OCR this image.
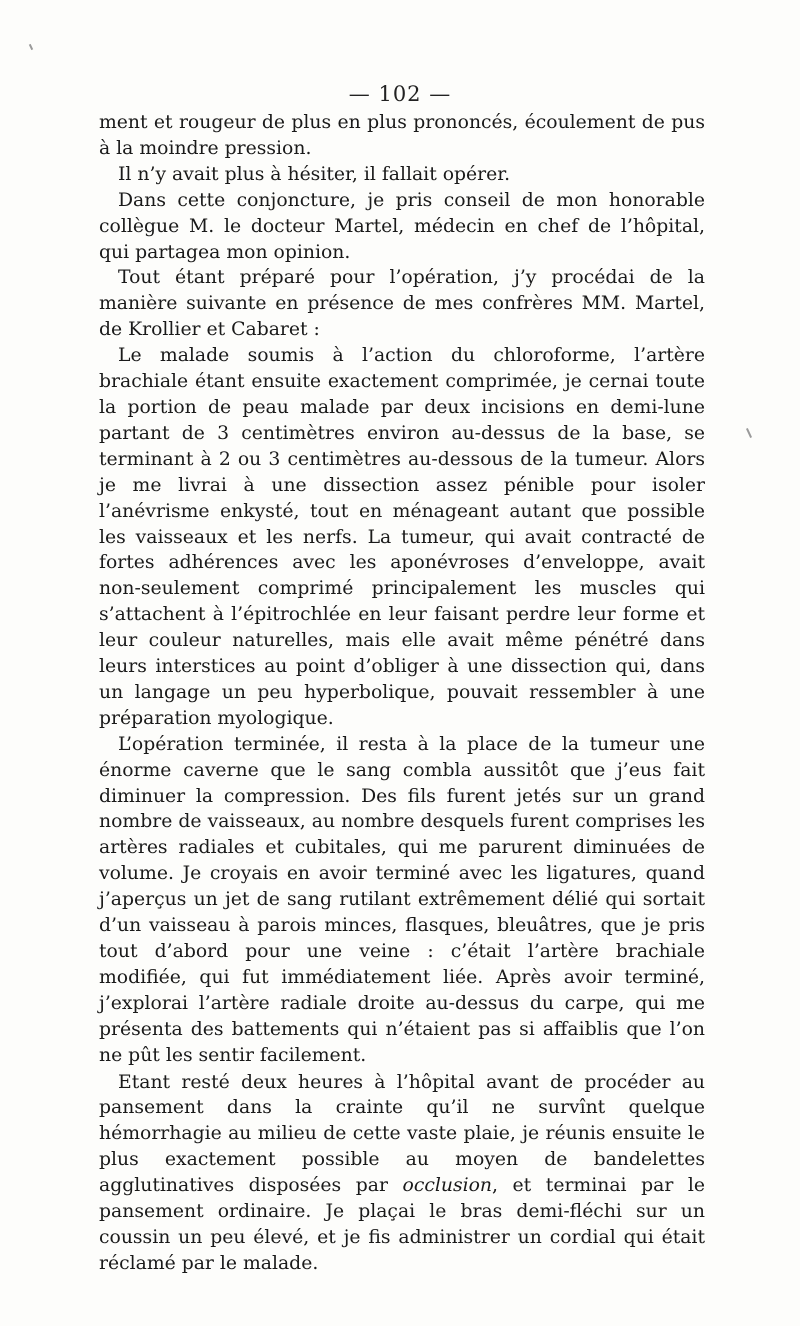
— 102 —

ment et rougeur de plus en plus prononcés, écoulement de pus à la moindre pression.

Il n’y avait plus à hésiter, il fallait opérer.

Dans cette conjoncture, je pris conseil de mon honorable collègue M. le docteur Martel, médecin en chef de l’hôpital, qui partagea mon opinion.

Tout étant préparé pour l’opération, j’y procédai de la manière suivante en présence de mes confrères MM. Martel, de Krollier et Cabaret :

Le malade soumis à l’action du chloroforme, l’artère brachiale étant ensuite exactement comprimée, je cernai toute la portion de peau malade par deux incisions en demi-lune partant de 3 centimètres environ au-dessus de la base, se terminant à 2 ou 3 centimètres au-dessous de la tumeur. Alors je me livrai à une dissection assez pénible pour isoler l’anévrisme enkysté, tout en ménageant autant que possible les vaisseaux et les nerfs. La tumeur, qui avait contracté de fortes adhérences avec les aponévroses d’enveloppe, avait non-seulement comprimé principalement les muscles qui s’attachent à l’épitrochlée en leur faisant perdre leur forme et leur couleur naturelles, mais elle avait même pénétré dans leurs interstices au point d’obliger à une dissection qui, dans un langage un peu hyperbolique, pouvait ressembler à une préparation myologique.

L’opération terminée, il resta à la place de la tumeur une énorme caverne que le sang combla aussitôt que j’eus fait diminuer la compression. Des fils furent jetés sur un grand nombre de vaisseaux, au nombre desquels furent comprises les artères radiales et cubitales, qui me parurent diminuées de volume. Je croyais en avoir terminé avec les ligatures, quand j’aperçus un jet de sang rutilant extrêmement délié qui sortait d’un vaisseau à parois minces, flasques, bleuâtres, que je pris tout d’abord pour une veine : c’était l’artère brachiale modifiée, qui fut immédiatement liée. Après avoir terminé, j’explorai l’artère radiale droite au-dessus du carpe, qui me présenta des battements qui n’étaient pas si affaiblis que l’on ne pût les sentir facilement.

Etant resté deux heures à l’hôpital avant de procéder au pansement dans la crainte qu’il ne survînt quelque hémorrhagie au milieu de cette vaste plaie, je réunis ensuite le plus exactement possible au moyen de bandelettes agglutinatives disposées par occlusion, et terminai par le pansement ordinaire. Je plaçai le bras demi-fléchi sur un coussin un peu élevé, et je fis administrer un cordial qui était réclamé par le malade.
